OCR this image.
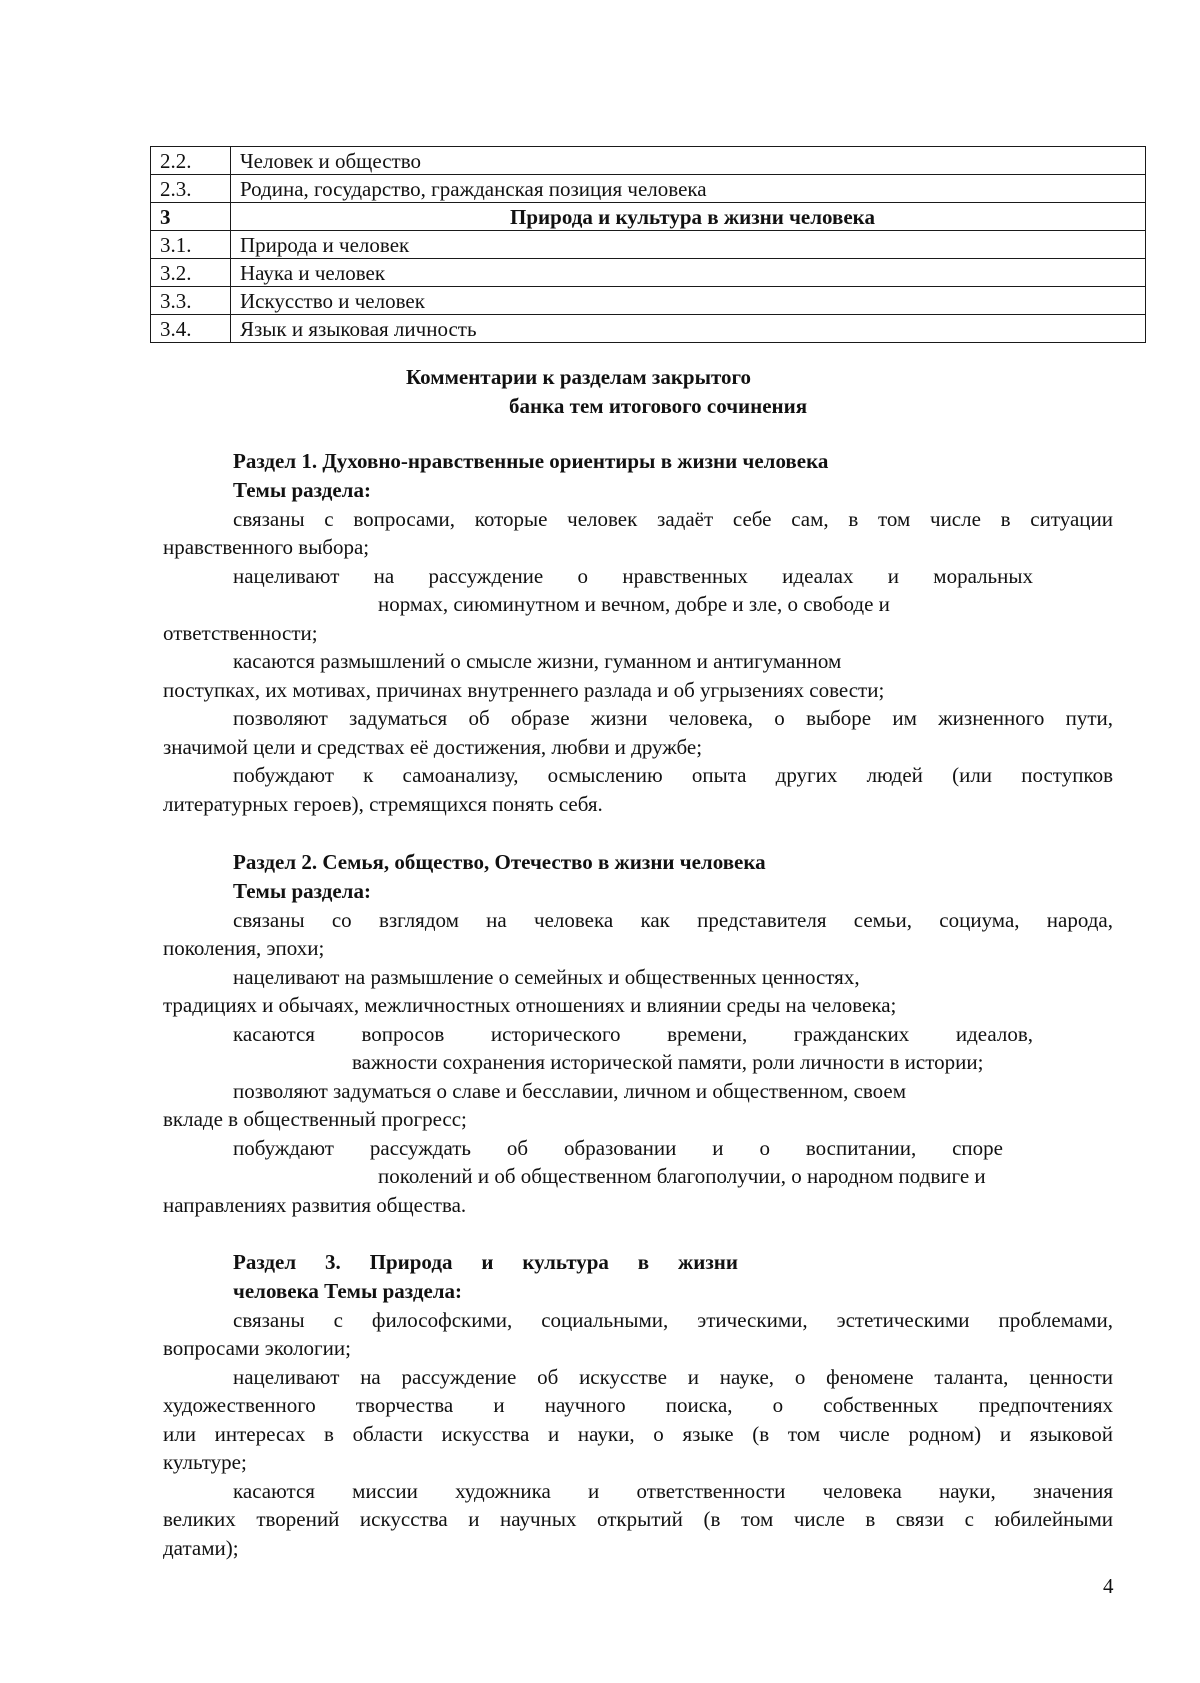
2.2.	Человек и общество
2.3.	Родина, государство, гражданская позиция человека
3	Природа и культура в жизни человека
3.1.	Природа и человек
3.2.	Наука и человек
3.3.	Искусство и человек
3.4.	Язык и языковая личность
Комментарии к разделам закрытого
банка тем итогового сочинения
Раздел 1. Духовно-нравственные ориентиры в жизни человека
Темы раздела:
связаны с вопросами, которые человек задаёт себе сам, в том числе в ситуации
нравственного выбора;
нацеливают на рассуждение о нравственных идеалах и моральных
нормах, сиюминутном и вечном, добре и зле, о свободе и
ответственности;
касаются размышлений о смысле жизни, гуманном и антигуманном
поступках, их мотивах, причинах внутреннего разлада и об угрызениях совести;
позволяют задуматься об образе жизни человека, о выборе им жизненного пути,
значимой цели и средствах её достижения, любви и дружбе;
побуждают к самоанализу, осмыслению опыта других людей (или поступков
литературных героев), стремящихся понять себя.
Раздел 2. Семья, общество, Отечество в жизни человека
Темы раздела:
связаны со взглядом на человека как представителя семьи, социума, народа,
поколения, эпохи;
нацеливают на размышление о семейных и общественных ценностях,
традициях и обычаях, межличностных отношениях и влиянии среды на человека;
касаются вопросов исторического времени, гражданских идеалов,
важности сохранения исторической памяти, роли личности в истории;
позволяют задуматься о славе и бесславии, личном и общественном, своем
вкладе в общественный прогресс;
побуждают рассуждать об образовании и о воспитании, споре
поколений и об общественном благополучии, о народном подвиге и
направлениях развития общества.
Раздел 3. Природа и культура в жизни
человека Темы раздела:
связаны с философскими, социальными, этическими, эстетическими проблемами,
вопросами экологии;
нацеливают на рассуждение об искусстве и науке, о феномене таланта, ценности
художественного творчества и научного поиска, о собственных предпочтениях
или интересах в области искусства и науки, о языке (в том числе родном) и языковой
культуре;
касаются миссии художника и ответственности человека науки, значения
великих творений искусства и научных открытий (в том числе в связи с юбилейными
датами);
4
